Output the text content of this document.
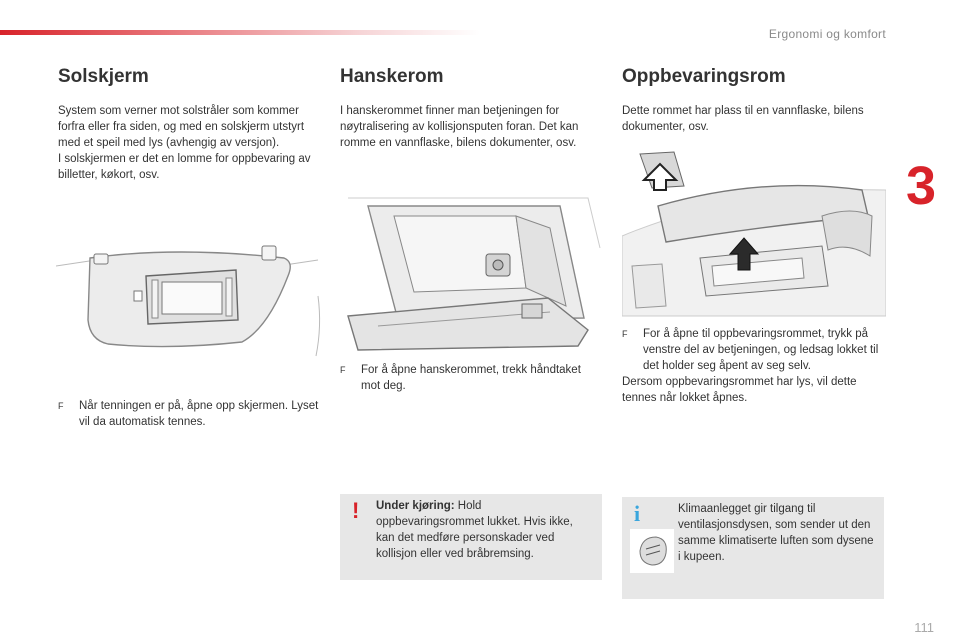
Ergonomi og komfort
3
Solskjerm
System som verner mot solstråler som kommer forfra eller fra siden, og med en solskjerm utstyrt med et speil med lys (avhengig av versjon).
I solskjermen er det en lomme for oppbevaring av billetter, køkort, osv.
F	Når tenningen er på, åpne opp skjermen. Lyset vil da automatisk tennes.
Hanskerom
I hanskerommet finner man betjeningen for nøytralisering av kollisjonsputen foran. Det kan romme en vannflaske, bilens dokumenter, osv.
F	For å åpne hanskerommet, trekk håndtaket mot deg.
! Under kjøring: Hold oppbevaringsrommet lukket. Hvis ikke, kan det medføre personskader ved kollisjon eller ved bråbremsing.
Oppbevaringsrom
Dette rommet har plass til en vannflaske, bilens dokumenter, osv.
F	For å åpne til oppbevaringsrommet, trykk på venstre del av betjeningen, og ledsag lokket til det holder seg åpent av seg selv.
Dersom oppbevaringsrommet har lys, vil dette tennes når lokket åpnes.
i	Klimaanlegget gir tilgang til ventilasjonsdysen, som sender ut den samme klimatiserte luften som dysene i kupeen.
111
